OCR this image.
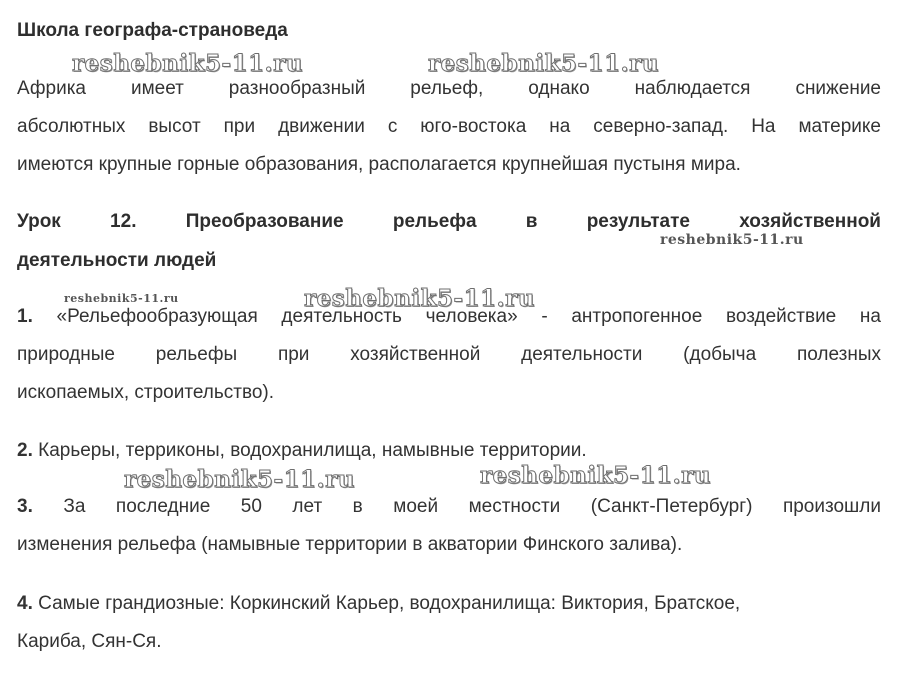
Школа географа-страноведа
Африка имеет разнообразный рельеф, однако наблюдается снижение
абсолютных высот при движении с юго-востока на северно-запад. На материке
имеются крупные горные образования, располагается крупнейшая пустыня мира.
Урок 12. Преобразование рельефа в результате хозяйственной
деятельности людей
1. «Рельефообразующая деятельность человека» - антропогенное воздействие на
природные рельефы при хозяйственной деятельности (добыча полезных
ископаемых, строительство).
2. Карьеры, терриконы, водохранилища, намывные территории.
3. За последние 50 лет в моей местности (Санкт-Петербург) произошли
изменения рельефа (намывные территории в акватории Финского залива).
4. Самые грандиозные: Коркинский Карьер, водохранилища: Виктория, Братское,
Кариба, Сян-Ся.
reshebnik5-11.ru	reshebnik5-11.ru
reshebnik5-11.ru
reshebnik5-11.ru	reshebnik5-11.ru
reshebnik5-11.ru	reshebnik5-11.ru
